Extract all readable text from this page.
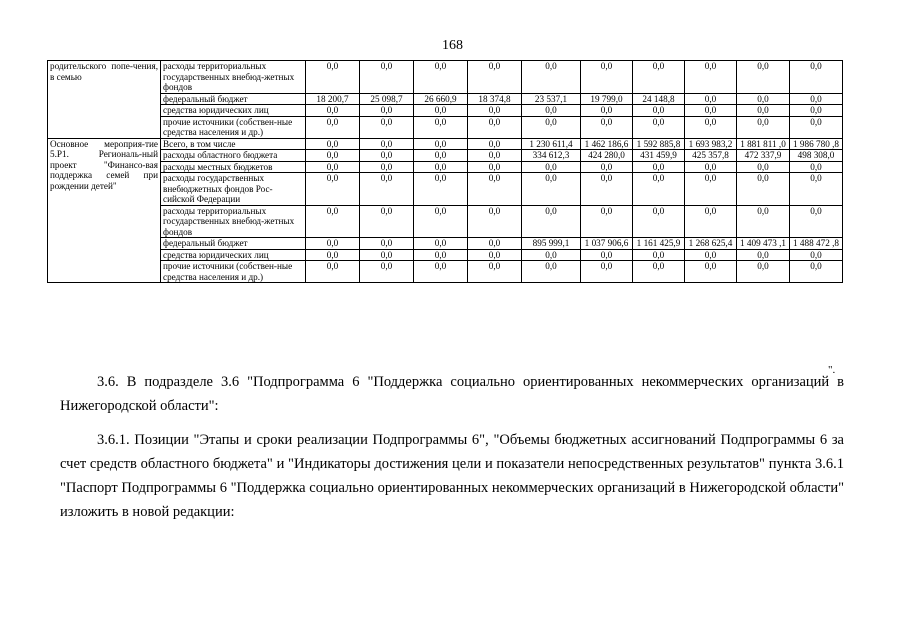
168
родительского попе-чения, в семью	расходы территориальных государственных внебюд-жетных фондов	0,0	0,0	0,0	0,0	0,0	0,0	0,0	0,0	0,0	0,0
	федеральный бюджет	18 200,7	25 098,7	26 660,9	18 374,8	23 537,1	19 799,0	24 148,8	0,0	0,0	0,0
	средства юридических лиц	0,0	0,0	0,0	0,0	0,0	0,0	0,0	0,0	0,0	0,0
	прочие источники (собствен-ные средства населения и др.)	0,0	0,0	0,0	0,0	0,0	0,0	0,0	0,0	0,0	0,0
Основное мероприя-тие 5.P1. Региональ-ный проект "Финансо-вая поддержка семей при рождении детей"	Всего, в том числе	0,0	0,0	0,0	0,0	1 230 611,4	1 462 186,6	1 592 885,8	1 693 983,2	1 881 811 ,0	1 986 780 ,8
	расходы областного бюджета	0,0	0,0	0,0	0,0	334 612,3	424 280,0	431 459,9	425 357,8	472 337,9	498 308,0
	расходы местных бюджетов	0,0	0,0	0,0	0,0	0,0	0,0	0,0	0,0	0,0	0,0
	расходы государственных внебюджетных фондов Рос-сийской Федерации	0,0	0,0	0,0	0,0	0,0	0,0	0,0	0,0	0,0	0,0
	расходы территориальных государственных внебюд-жетных фондов	0,0	0,0	0,0	0,0	0,0	0,0	0,0	0,0	0,0	0,0
	федеральный бюджет	0,0	0,0	0,0	0,0	895 999,1	1 037 906,6	1 161 425,9	1 268 625,4	1 409 473 ,1	1 488 472 ,8
	средства юридических лиц	0,0	0,0	0,0	0,0	0,0	0,0	0,0	0,0	0,0	0,0
	прочие источники (собствен-ные средства населения и др.)	0,0	0,0	0,0	0,0	0,0	0,0	0,0	0,0	0,0	0,0
".

3.6. В подразделе 3.6 "Подпрограмма 6 "Поддержка социально ориентированных некоммерческих организаций в Нижегородской области":

3.6.1. Позиции "Этапы и сроки реализации Подпрограммы 6", "Объемы бюджетных ассигнований Подпрограммы 6 за счет средств областного бюджета" и "Индикаторы достижения цели и показатели непосредственных результатов" пункта 3.6.1 "Паспорт Подпрограммы 6 "Поддержка социально ориентированных некоммерческих организаций в Нижегородской области" изложить в новой редакции:
